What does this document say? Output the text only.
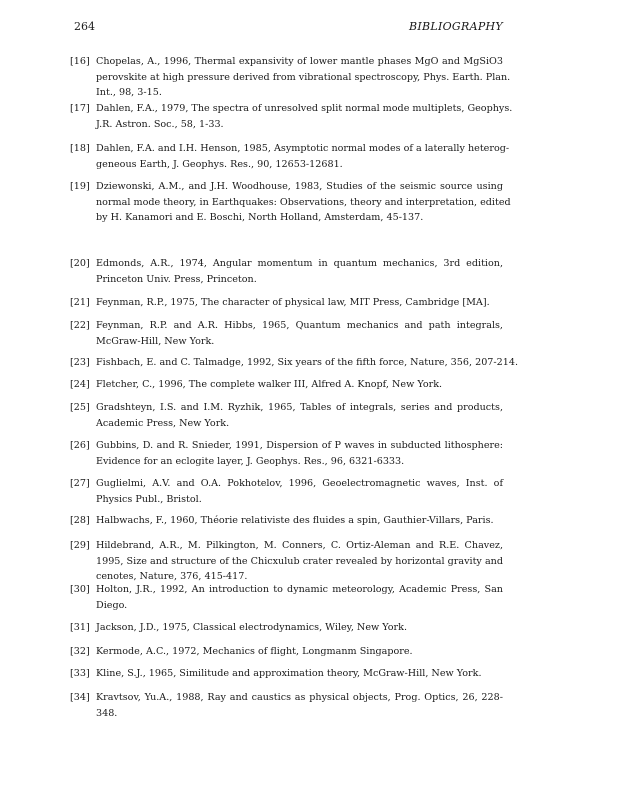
264	BIBLIOGRAPHY
[16] Chopelas, A., 1996, Thermal expansivity of lower mantle phases MgO and MgSiO3
perovskite at high pressure derived from vibrational spectroscopy, Phys. Earth. Plan.
Int., 98, 3-15.
[17] Dahlen, F.A., 1979, The spectra of unresolved split normal mode multiplets, Geophys.
J.R. Astron. Soc., 58, 1-33.
[18] Dahlen, F.A. and I.H. Henson, 1985, Asymptotic normal modes of a laterally heterog-
geneous Earth, J. Geophys. Res., 90, 12653-12681.
[19] Dziewonski, A.M., and J.H. Woodhouse, 1983, Studies of the seismic source using
normal mode theory, in Earthquakes: Observations, theory and interpretation, edited
by H. Kanamori and E. Boschi, North Holland, Amsterdam, 45-137.
[20] Edmonds, A.R., 1974, Angular momentum in quantum mechanics, 3rd edition,
Princeton Univ. Press, Princeton.
[21] Feynman, R.P., 1975, The character of physical law, MIT Press, Cambridge [MA].
[22] Feynman, R.P. and A.R. Hibbs, 1965, Quantum mechanics and path integrals,
McGraw-Hill, New York.
[23] Fishbach, E. and C. Talmadge, 1992, Six years of the fifth force, Nature, 356, 207-214.
[24] Fletcher, C., 1996, The complete walker III, Alfred A. Knopf, New York.
[25] Gradshteyn, I.S. and I.M. Ryzhik, 1965, Tables of integrals, series and products,
Academic Press, New York.
[26] Gubbins, D. and R. Snieder, 1991, Dispersion of P waves in subducted lithosphere:
Evidence for an eclogite layer, J. Geophys. Res., 96, 6321-6333.
[27] Guglielmi, A.V. and O.A. Pokhotelov, 1996, Geoelectromagnetic waves, Inst. of
Physics Publ., Bristol.
[28] Halbwachs, F., 1960, Théorie relativiste des fluides a spin, Gauthier-Villars, Paris.
[29] Hildebrand, A.R., M. Pilkington, M. Conners, C. Ortiz-Aleman and R.E. Chavez,
1995, Size and structure of the Chicxulub crater revealed by horizontal gravity and
cenotes, Nature, 376, 415-417.
[30] Holton, J.R., 1992, An introduction to dynamic meteorology, Academic Press, San
Diego.
[31] Jackson, J.D., 1975, Classical electrodynamics, Wiley, New York.
[32] Kermode, A.C., 1972, Mechanics of flight, Longmanm Singapore.
[33] Kline, S.J., 1965, Similitude and approximation theory, McGraw-Hill, New York.
[34] Kravtsov, Yu.A., 1988, Ray and caustics as physical objects, Prog. Optics, 26, 228-
348.
